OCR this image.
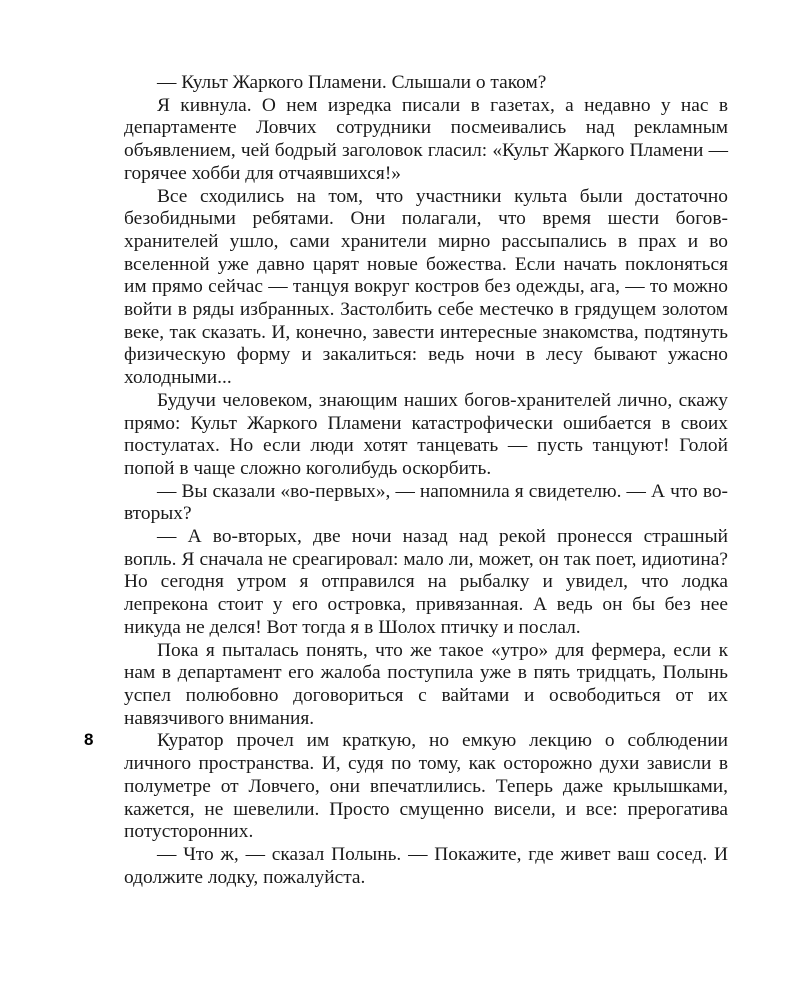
— Культ Жаркого Пламени. Слышали о таком?

Я кивнула. О нем изредка писали в газетах, а недавно у нас в департаменте Ловчих сотрудники посмеивались над рекламным объявлением, чей бодрый заголовок гласил: «Культ Жаркого Пламени — горячее хобби для отчаявшихся!»

Все сходились на том, что участники культа были достаточно безобидными ребятами. Они полагали, что время шести богов-хранителей ушло, сами хранители мирно рассыпались в прах и во вселенной уже давно царят новые божества. Если начать поклоняться им прямо сейчас — танцуя вокруг костров без одежды, ага, — то можно войти в ряды избранных. Застолбить себе местечко в грядущем золотом веке, так сказать. И, конечно, завести интересные знакомства, подтянуть физическую форму и закалиться: ведь ночи в лесу бывают ужасно холодными...

Будучи человеком, знающим наших богов-хранителей лично, скажу прямо: Культ Жаркого Пламени катастрофически ошибается в своих постулатах. Но если люди хотят танцевать — пусть танцуют! Голой попой в чаще сложно коголибудь оскорбить.

— Вы сказали «во-первых», — напомнила я свидетелю. — А что во-вторых?

— А во-вторых, две ночи назад над рекой пронесся страшный вопль. Я сначала не среагировал: мало ли, может, он так поет, идиотина? Но сегодня утром я отправился на рыбалку и увидел, что лодка лепрекона стоит у его островка, привязанная. А ведь он бы без нее никуда не делся! Вот тогда я в Шолох птичку и послал.

Пока я пыталась понять, что же такое «утро» для фермера, если к нам в департамент его жалоба поступила уже в пять тридцать, Полынь успел полюбовно договориться с вайтами и освободиться от их навязчивого внимания.

Куратор прочел им краткую, но емкую лекцию о соблюдении личного пространства. И, судя по тому, как осторожно духи зависли в полуметре от Ловчего, они впечатлились. Теперь даже крылышками, кажется, не шевелили. Просто смущенно висели, и все: прерогатива потусторонних.

— Что ж, — сказал Полынь. — Покажите, где живет ваш сосед. И одолжите лодку, пожалуйста.

8
